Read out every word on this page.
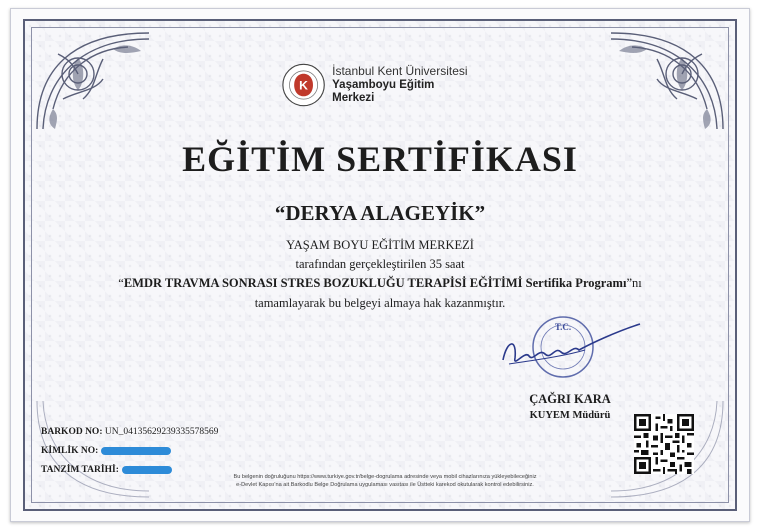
K
İstanbul Kent Üniversitesi
Yaşamboyu Eğitim Merkezi
EĞİTİM SERTİFİKASI
“DERYA ALAGEYİK”
YAŞAM BOYU EĞİTİM MERKEZİ
tarafından gerçekleştirilen 35 saat
“EMDR TRAVMA SONRASI STRES BOZUKLUĞU TERAPİSİ EĞİTİMİ Sertifika Programı”nı
tamamlayarak bu belgeyi almaya hak kazanmıştır.
T.C.
ÇAĞRI KARA
KUYEM Müdürü
BARKOD NO: UN_04135629239335578569
KİMLİK NO:
TANZİM TARİHİ:
Bu belgenin doğruluğunu https://www.turkiye.gov.tr/belge-dogrulama adresinde veya mobil cihazlarınıza yükleyebileceğiniz
e-Devlet Kapısı'na ait Barkodlu Belge Doğrulama uygulaması vasıtası ile Üstteki karekod okutularak kontrol edebilirsiniz.
